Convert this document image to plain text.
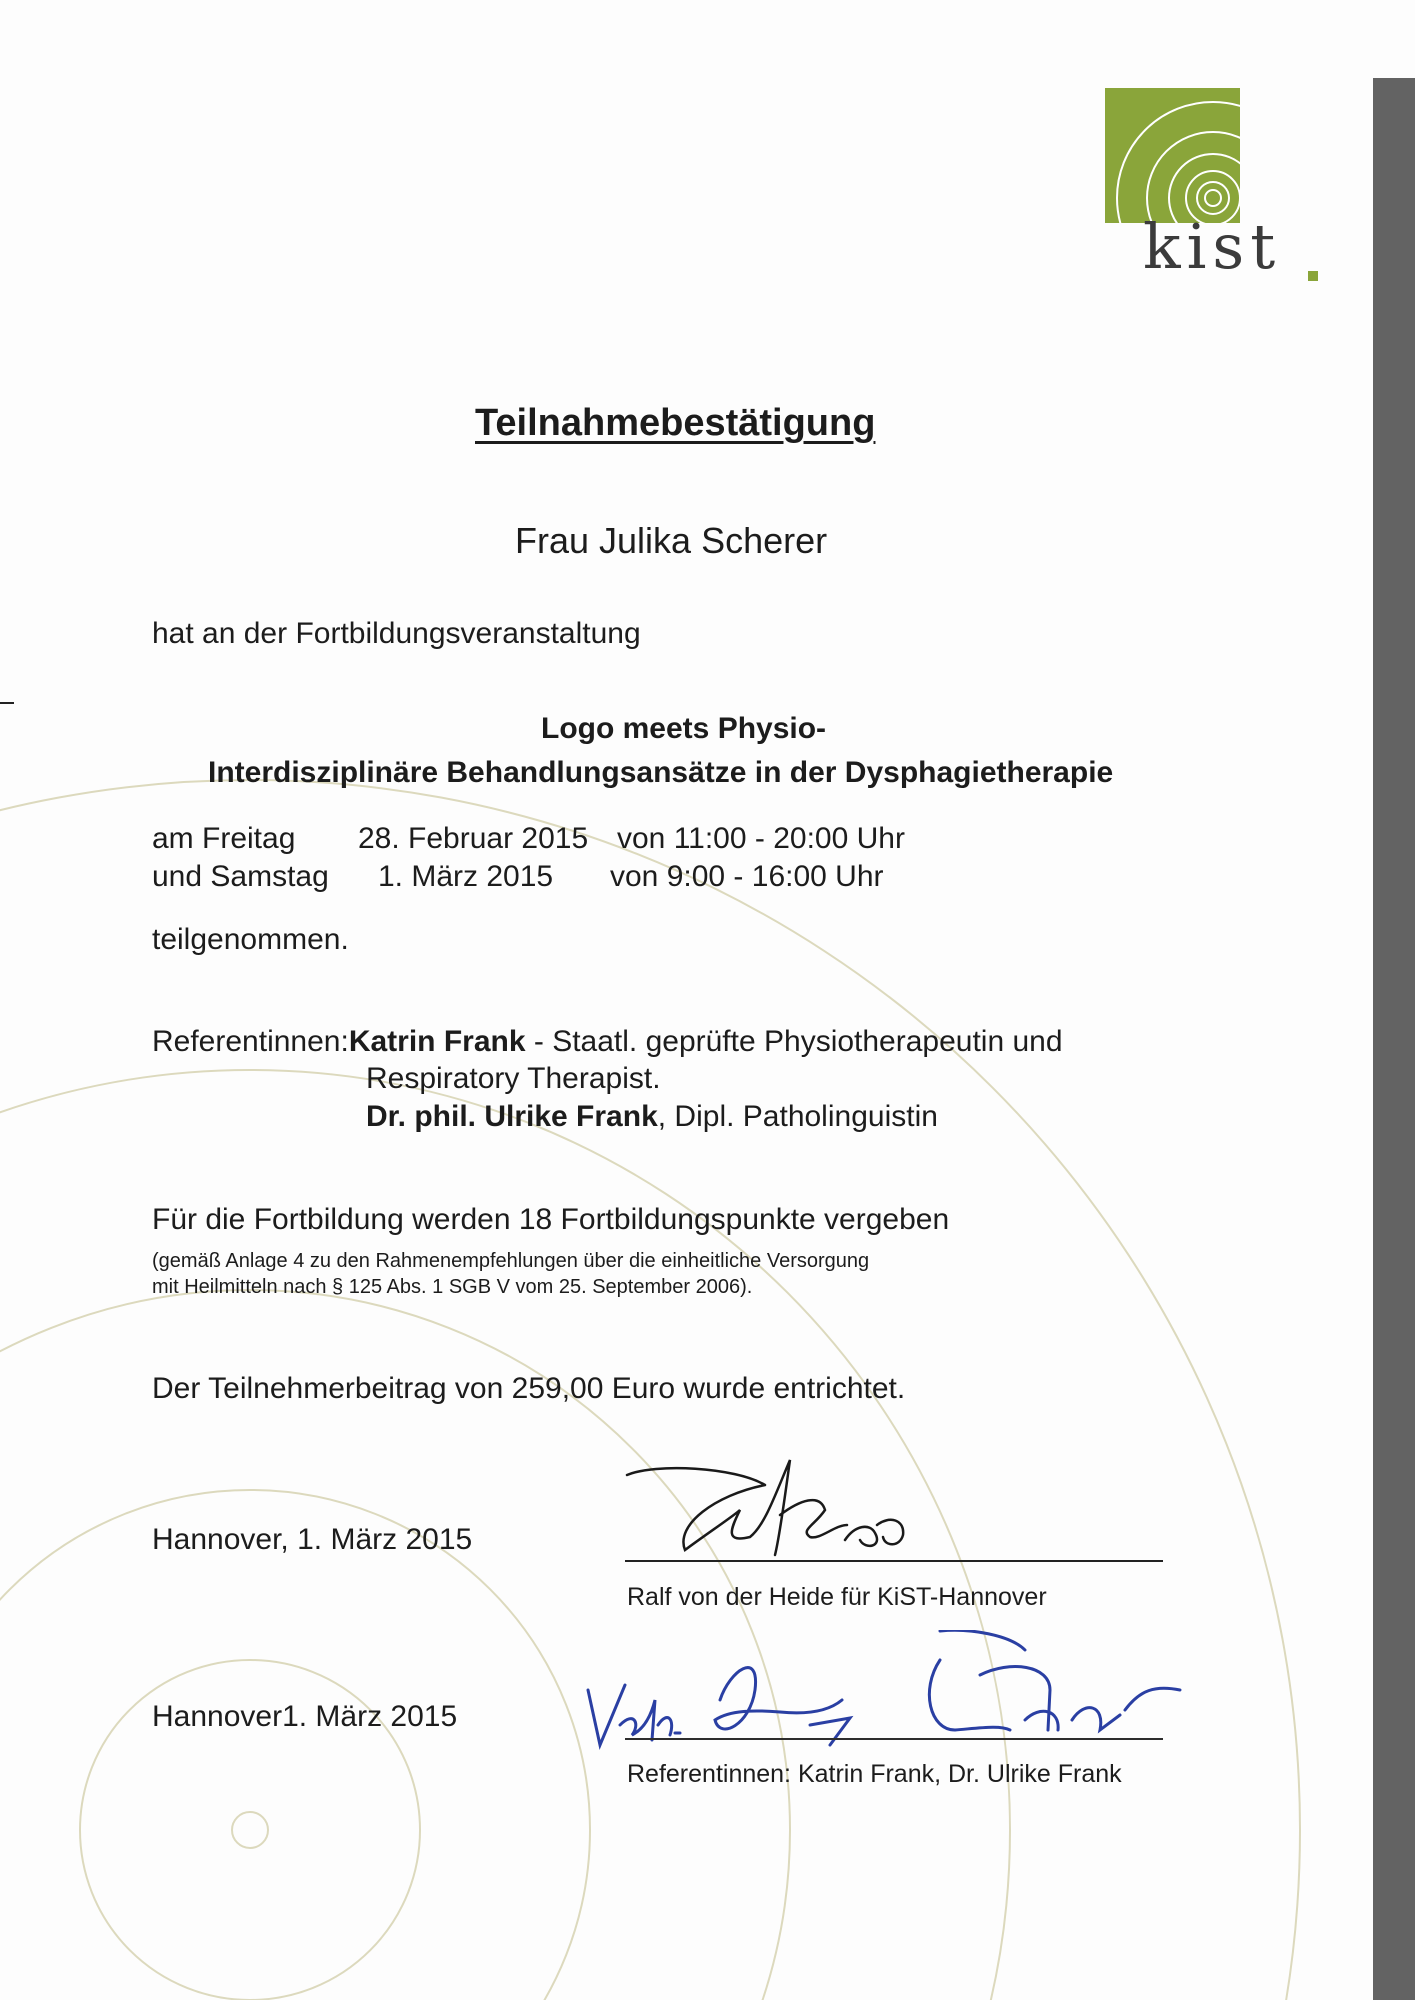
kist
Teilnahmebestätigung
Frau Julika Scherer
hat an der Fortbildungsveranstaltung
Logo meets Physio-
Interdisziplinäre Behandlungsansätze in der Dysphagietherapie
am Freitag 28. Februar 2015 von 11:00 - 20:00 Uhr
und Samstag 1. März 2015 von 9:00 - 16:00 Uhr
teilgenommen.
Referentinnen:Katrin Frank - Staatl. geprüfte Physiotherapeutin und
Respiratory Therapist.
Dr. phil. Ulrike Frank, Dipl. Patholinguistin
Für die Fortbildung werden 18 Fortbildungspunkte vergeben
(gemäß Anlage 4 zu den Rahmenempfehlungen über die einheitliche Versorgung
mit Heilmitteln nach § 125 Abs. 1 SGB V vom 25. September 2006).
Der Teilnehmerbeitrag von 259,00 Euro wurde entrichtet.
Hannover, 1. März 2015
Ralf von der Heide für KiST-Hannover
Hannover1. März 2015
Referentinnen: Katrin Frank, Dr. Ulrike Frank
